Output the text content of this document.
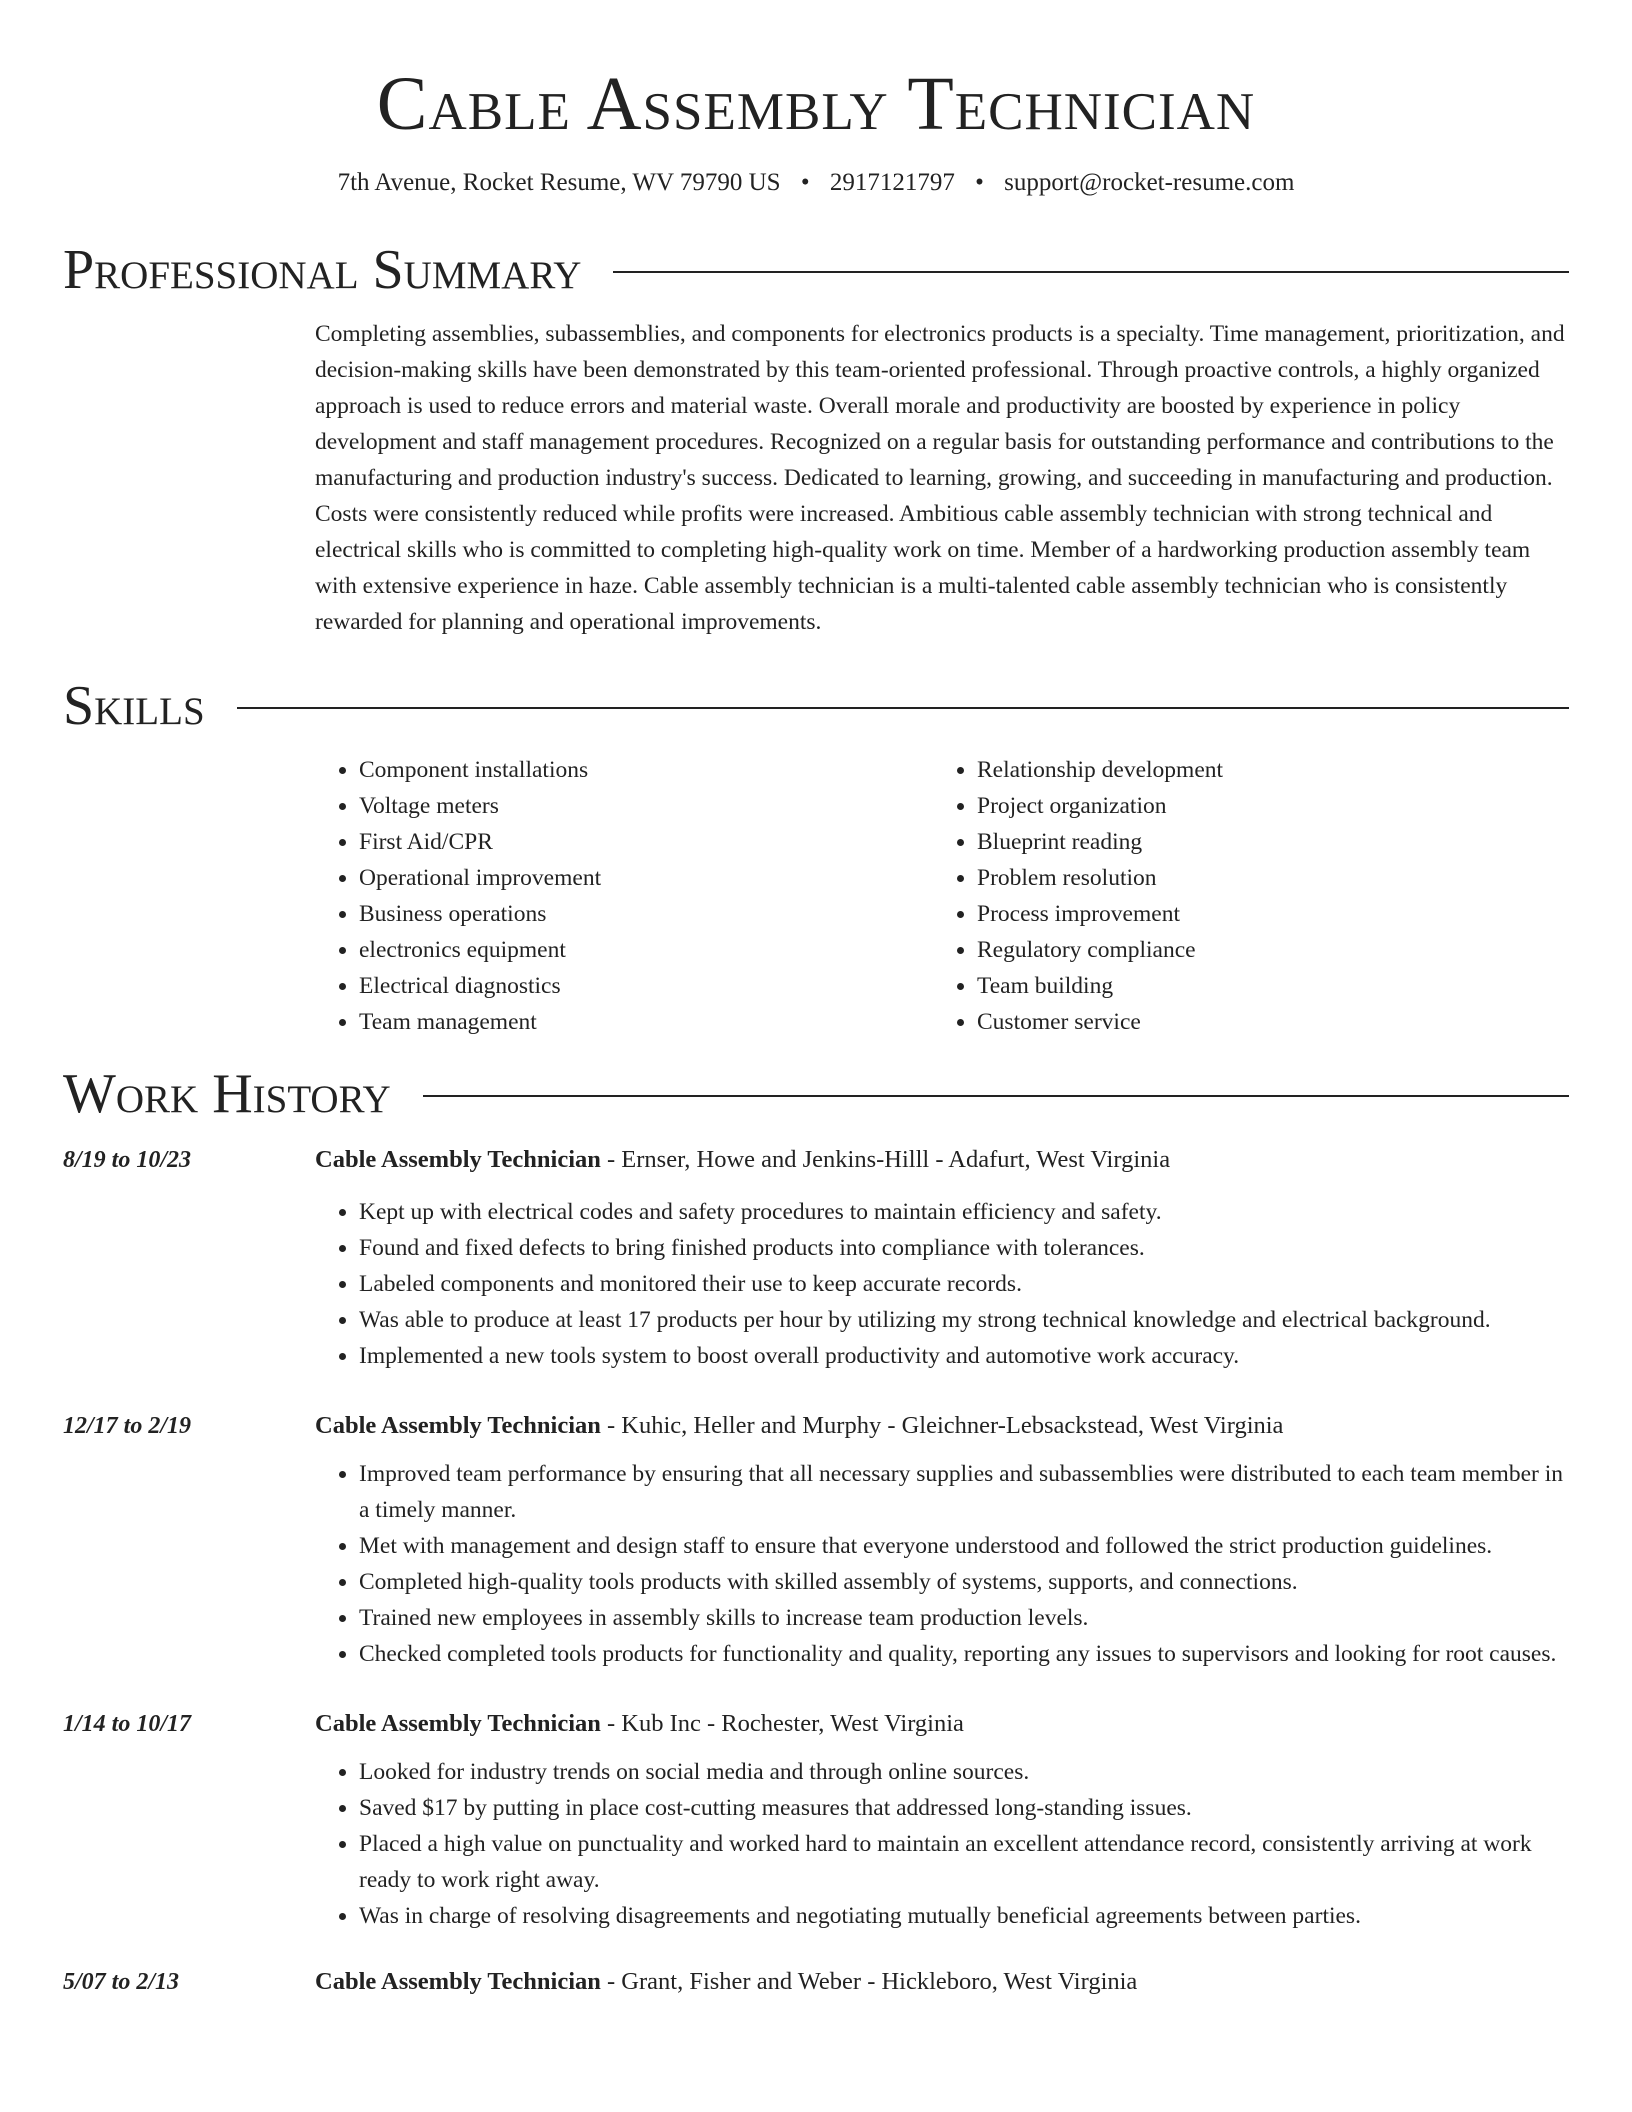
Cable Assembly Technician
7th Avenue, Rocket Resume, WV 79790 US • 2917121797 • support@rocket-resume.com
Professional Summary

Completing assemblies, subassemblies, and components for electronics products is a specialty. Time management, prioritization, and decision-making skills have been demonstrated by this team-oriented professional. Through proactive controls, a highly organized approach is used to reduce errors and material waste. Overall morale and productivity are boosted by experience in policy development and staff management procedures. Recognized on a regular basis for outstanding performance and contributions to the manufacturing and production industry's success. Dedicated to learning, growing, and succeeding in manufacturing and production. Costs were consistently reduced while profits were increased. Ambitious cable assembly technician with strong technical and electrical skills who is committed to completing high-quality work on time. Member of a hardworking production assembly team with extensive experience in haze. Cable assembly technician is a multi-talented cable assembly technician who is consistently rewarded for planning and operational improvements.

Skills
• Component installations
• Voltage meters
• First Aid/CPR
• Operational improvement
• Business operations
• electronics equipment
• Electrical diagnostics
• Team management
• Relationship development
• Project organization
• Blueprint reading
• Problem resolution
• Process improvement
• Regulatory compliance
• Team building
• Customer service
Work History
8/19 to 10/23	Cable Assembly Technician - Ernser, Howe and Jenkins-Hilll - Adafurt, West Virginia
• Kept up with electrical codes and safety procedures to maintain efficiency and safety.
• Found and fixed defects to bring finished products into compliance with tolerances.
• Labeled components and monitored their use to keep accurate records.
• Was able to produce at least 17 products per hour by utilizing my strong technical knowledge and electrical background.
• Implemented a new tools system to boost overall productivity and automotive work accuracy.
12/17 to 2/19	Cable Assembly Technician - Kuhic, Heller and Murphy - Gleichner-Lebsackstead, West Virginia
• Improved team performance by ensuring that all necessary supplies and subassemblies were distributed to each team member in a timely manner.
• Met with management and design staff to ensure that everyone understood and followed the strict production guidelines.
• Completed high-quality tools products with skilled assembly of systems, supports, and connections.
• Trained new employees in assembly skills to increase team production levels.
• Checked completed tools products for functionality and quality, reporting any issues to supervisors and looking for root causes.
1/14 to 10/17	Cable Assembly Technician - Kub Inc - Rochester, West Virginia
• Looked for industry trends on social media and through online sources.
• Saved $17 by putting in place cost-cutting measures that addressed long-standing issues.
• Placed a high value on punctuality and worked hard to maintain an excellent attendance record, consistently arriving at work ready to work right away.
• Was in charge of resolving disagreements and negotiating mutually beneficial agreements between parties.
5/07 to 2/13	Cable Assembly Technician - Grant, Fisher and Weber - Hickleboro, West Virginia
